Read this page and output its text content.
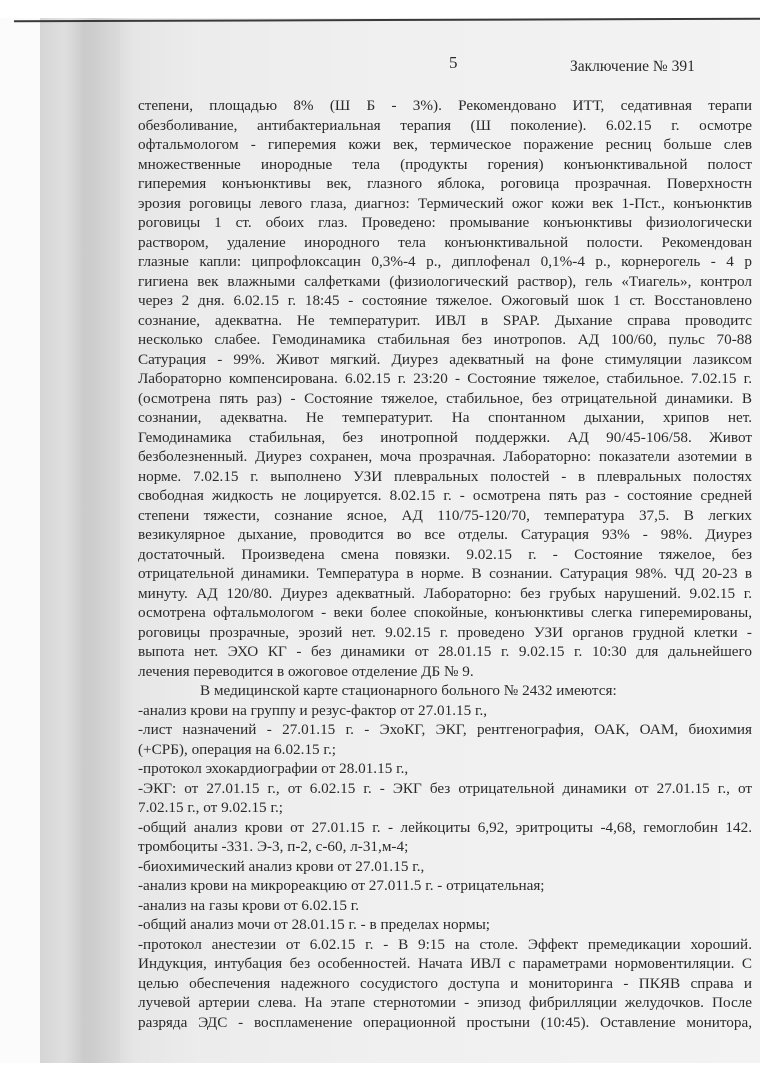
5	Заключение № 391
степени, площадью 8% (Ш Б - 3%). Рекомендовано ИТТ, седативная терапи
обезболивание, антибактериальная терапия (Ш поколение). 6.02.15 г. осмотре
офтальмологом - гиперемия кожи век, термическое поражение ресниц больше слев
множественные инородные тела (продукты горения) конъюнктивальной полост
гиперемия конъюнктивы век, глазного яблока, роговица прозрачная. Поверхностн
эрозия роговицы левого глаза, диагноз: Термический ожог кожи век 1-Пст., конъюнктив
роговицы 1 ст. обоих глаз. Проведено: промывание конъюнктивы физиологически
раствором, удаление инородного тела конъюнктивальной полости. Рекомендован
глазные капли: ципрофлоксацин 0,3%-4 р., диплофенал 0,1%-4 р., корнерогель - 4 р
гигиена век влажными салфетками (физиологический раствор), гель «Тиагель», контрол
через 2 дня. 6.02.15 г. 18:45 - состояние тяжелое. Ожоговый шок 1 ст. Восстановлено
сознание, адекватна. Не температурит. ИВЛ в SPAP. Дыхание справа проводитс
несколько слабее. Гемодинамика стабильная без инотропов. АД 100/60, пульс 70-88
Сатурация - 99%. Живот мягкий. Диурез адекватный на фоне стимуляции лазиксом
Лабораторно компенсирована. 6.02.15 г. 23:20 - Состояние тяжелое, стабильное. 7.02.15 г.
(осмотрена пять раз) - Состояние тяжелое, стабильное, без отрицательной динамики. В
сознании, адекватна. Не температурит. На спонтанном дыхании, хрипов нет.
Гемодинамика стабильная, без инотропной поддержки. АД 90/45-106/58. Живот
безболезненный. Диурез сохранен, моча прозрачная. Лабораторно: показатели азотемии в
норме. 7.02.15 г. выполнено УЗИ плевральных полостей - в плевральных полостях
свободная жидкость не лоцируется. 8.02.15 г. - осмотрена пять раз - состояние средней
степени тяжести, сознание ясное, АД 110/75-120/70, температура 37,5. В легких
везикулярное дыхание, проводится во все отделы. Сатурация 93% - 98%. Диурез
достаточный. Произведена смена повязки. 9.02.15 г. - Состояние тяжелое, без
отрицательной динамики. Температура в норме. В сознании. Сатурация 98%. ЧД 20-23 в
минуту. АД 120/80. Диурез адекватный. Лабораторно: без грубых нарушений. 9.02.15 г.
осмотрена офтальмологом - веки более спокойные, конъюнктивы слегка гиперемированы,
роговицы прозрачные, эрозий нет. 9.02.15 г. проведено УЗИ органов грудной клетки -
выпота нет. ЭХО КГ - без динамики от 28.01.15 г. 9.02.15 г. 10:30 для дальнейшего
лечения переводится в ожоговое отделение ДБ № 9.
В медицинской карте стационарного больного № 2432 имеются:
-анализ крови на группу и резус-фактор от 27.01.15 г.,
-лист назначений - 27.01.15 г. - ЭхоКГ, ЭКГ, рентгенография, ОАК, ОАМ, биохимия
(+СРБ), операция на 6.02.15 г.;
-протокол эхокардиографии от 28.01.15 г.,
-ЭКГ: от 27.01.15 г., от 6.02.15 г. - ЭКГ без отрицательной динамики от 27.01.15 г., от
7.02.15 г., от 9.02.15 г.;
-общий анализ крови от 27.01.15 г. - лейкоциты 6,92, эритроциты -4,68, гемоглобин 142.
тромбоциты -331. Э-3, п-2, с-60, л-31,м-4;
-биохимический анализ крови от 27.01.15 г.,
-анализ крови на микрореакцию от 27.011.5 г. - отрицательная;
-анализ на газы крови от 6.02.15 г.
-общий анализ мочи от 28.01.15 г. - в пределах нормы;
-протокол анестезии от 6.02.15 г. - В 9:15 на столе. Эффект премедикации хороший.
Индукция, интубация без особенностей. Начата ИВЛ с параметрами нормовентиляции. С
целью обеспечения надежного сосудистого доступа и мониторинга - ПКЯВ справа и
лучевой артерии слева. На этапе стернотомии - эпизод фибрилляции желудочков. После
разряда ЭДС - воспламенение операционной простыни (10:45). Оставление монитора,
